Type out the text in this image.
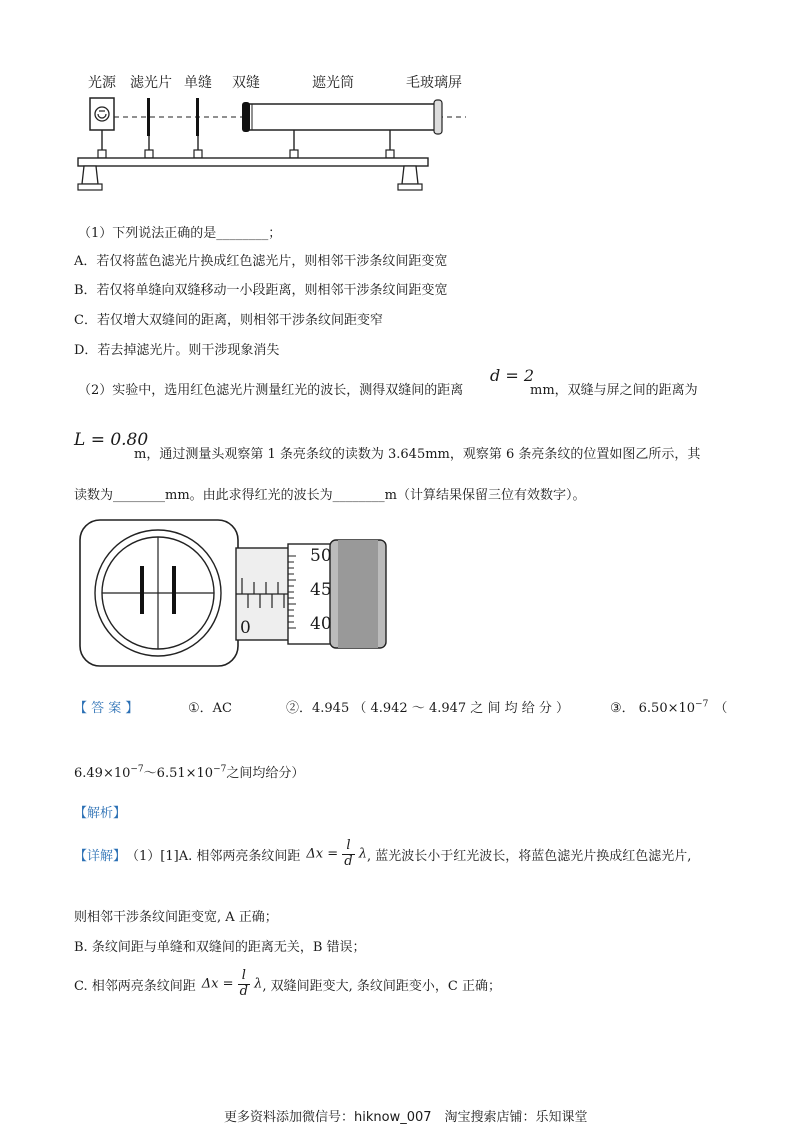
光源 滤光片 单缝 双缝	遮光筒	毛玻璃屏
（1）下列说法正确的是________；
A．若仅将蓝色滤光片换成红色滤光片，则相邻干涉条纹间距变宽
B．若仅将单缝向双缝移动一小段距离，则相邻干涉条纹间距变宽
C．若仅增大双缝间的距离，则相邻干涉条纹间距变窄
D．若去掉滤光片。则干涉现象消失
（2）实验中，选用红色滤光片测量红光的波长，测得双缝间的距离
d = 2
mm，双缝与屏之间的距离为
L = 0.80
m，通过测量头观察第 1 条亮条纹的读数为 3.645mm，观察第 6 条亮条纹的位置如图乙所示，其
读数为________mm。由此求得红光的波长为________m（计算结果保留三位有效数字）。
50
45
40
0
【 答 案 】	①．AC	②．4.945 （ 4.942 ～ 4.947 之 间 均 给 分 ）	③． $6.50\times 10^{-7}$ （
$6.49\times 10^{-7}\sim 6.51\times 10^{-7}$之间均给分）
【解析】
【详解】 （1）[1]A. 相邻两亮条纹间距 $\Delta x = \frac{l}{d}$ λ , 蓝光波长小于红光波长，将蓝色滤光片换成红色滤光片,
则相邻干涉条纹间距变宽, A 正确；
B. 条纹间距与单缝和双缝间的距离无关，B 错误；
C. 相邻两亮条纹间距 $\Delta x = \frac{l}{d}$ λ , 双缝间距变大, 条纹间距变小，C 正确；
更多资料添加微信号：hiknow_007　淘宝搜索店铺：乐知课堂
